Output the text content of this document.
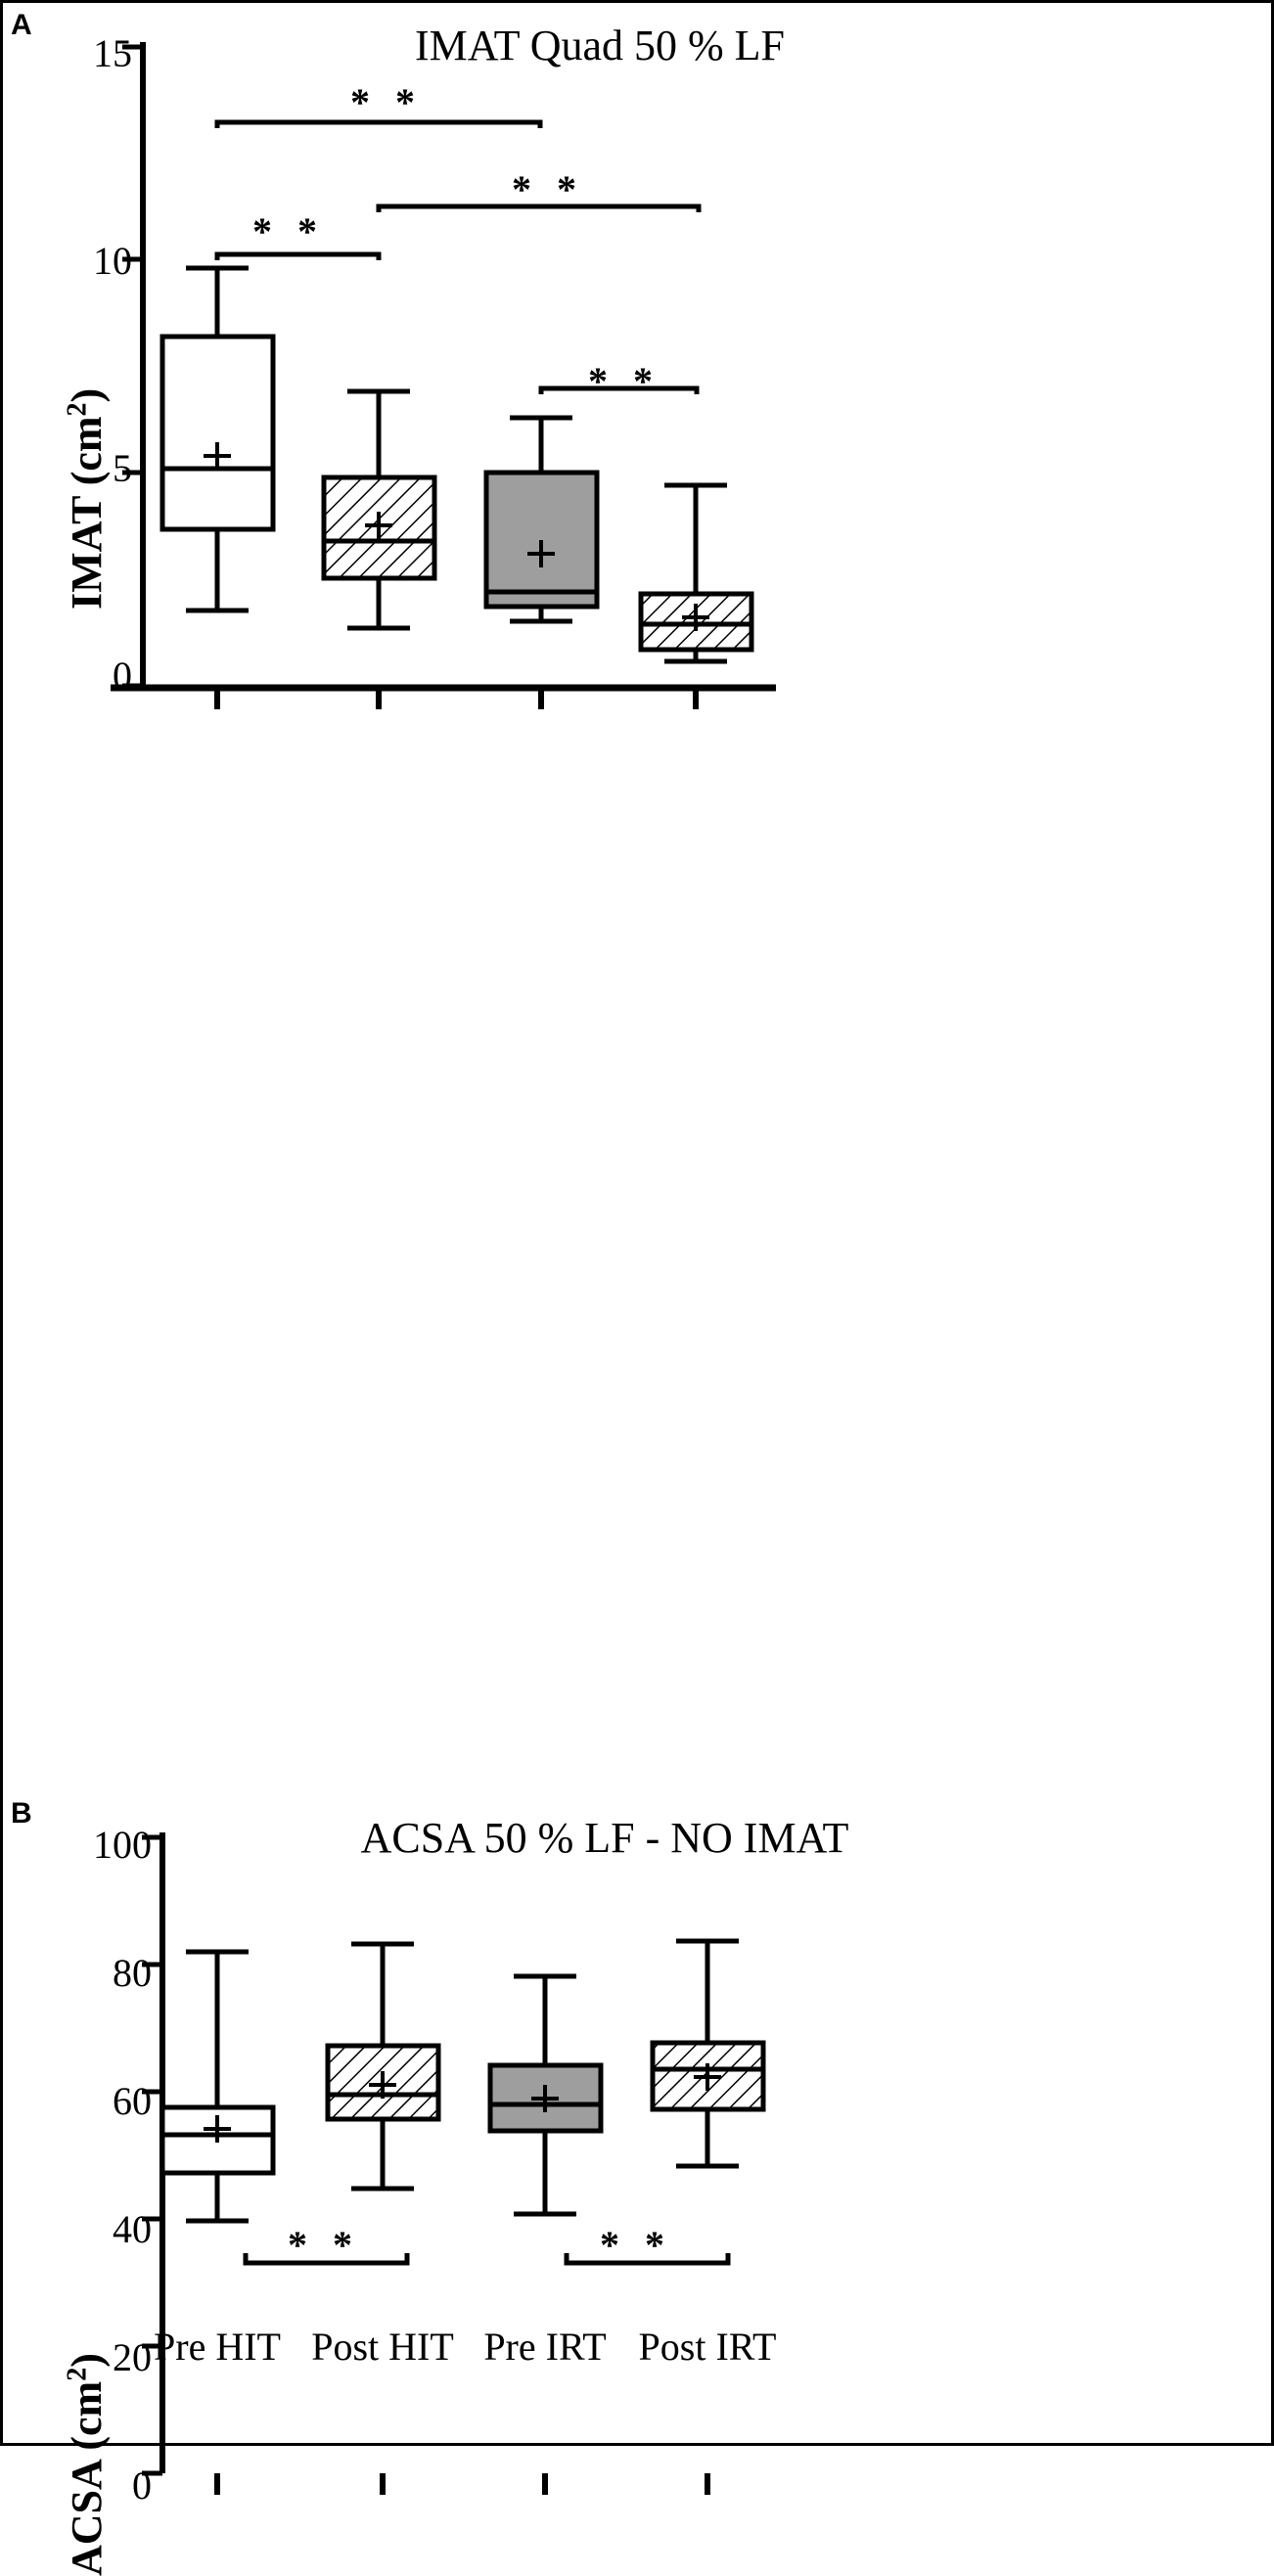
A	IMAT Quad 50 % LF
IMAT $(cm^2)$
15
10
5
0
* *
* *
* *
* *
B
ACSA 50 % LF - NO IMAT
ACSA $(cm^2)$
100
80
60
40
20
0
* *	* *
Pre HIT Post HIT Pre IRT Post IRT
